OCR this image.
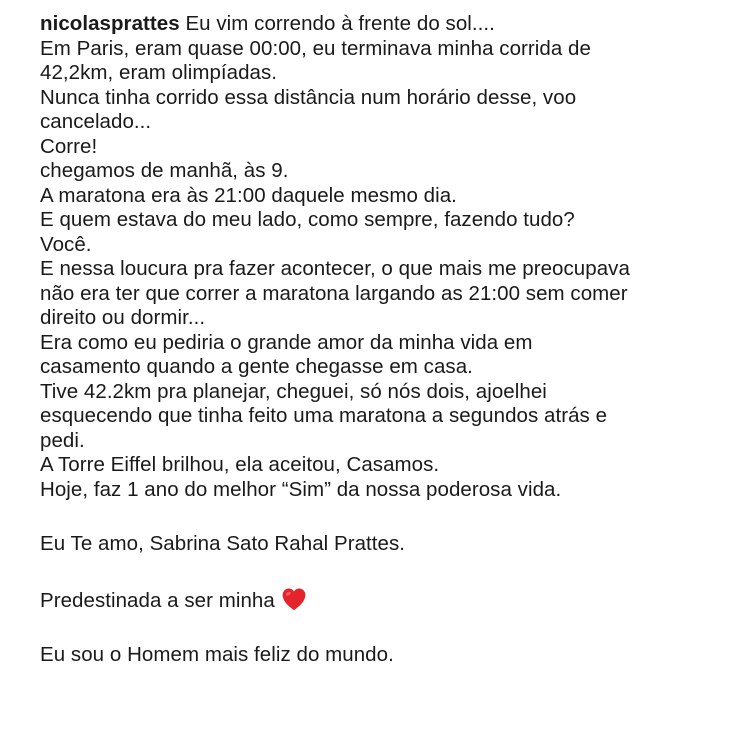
nicolasprattes Eu vim correndo à frente do sol....
Em Paris, eram quase 00:00, eu terminava minha corrida de
42,2km, eram olimpíadas.
Nunca tinha corrido essa distância num horário desse, voo
cancelado...
Corre!
chegamos de manhã, às 9.
A maratona era às 21:00 daquele mesmo dia.
E quem estava do meu lado, como sempre, fazendo tudo?
Você.
E nessa loucura pra fazer acontecer, o que mais me preocupava
não era ter que correr a maratona largando as 21:00 sem comer
direito ou dormir...
Era como eu pediria o grande amor da minha vida em
casamento quando a gente chegasse em casa.
Tive 42.2km pra planejar, cheguei, só nós dois, ajoelhei
esquecendo que tinha feito uma maratona a segundos atrás e
pedi.
A Torre Eiffel brilhou, ela aceitou, Casamos.
Hoje, faz 1 ano do melhor “Sim” da nossa poderosa vida.
Eu Te amo, Sabrina Sato Rahal Prattes.
Predestinada a ser minha
Eu sou o Homem mais feliz do mundo.
